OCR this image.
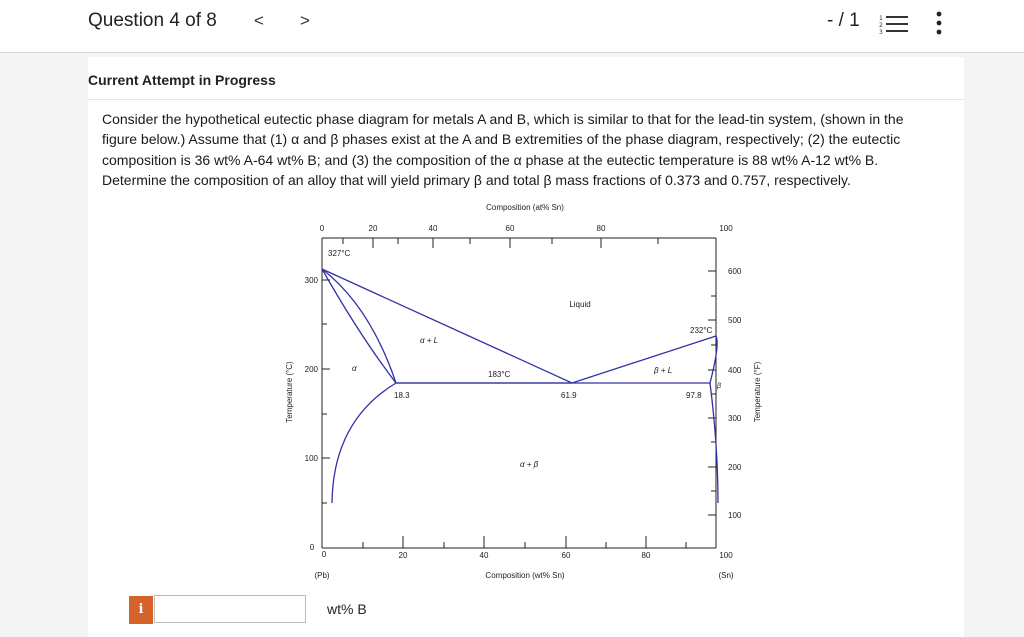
Question 4 of 8 < >	- / 1	1
2
3
Current Attempt in Progress
Consider the hypothetical eutectic phase diagram for metals A and B, which is similar to that for the lead-tin system, (shown in the figure below.) Assume that (1) α and β phases exist at the A and B extremities of the phase diagram, respectively; (2) the eutectic composition is 36 wt% A-64 wt% B; and (3) the composition of the α phase at the eutectic temperature is 88 wt% A-12 wt% B. Determine the composition of an alloy that will yield primary β and total β mass fractions of 0.373 and 0.757, respectively.
Composition (at% Sn)
0	20	40	60	80	100
0	20	40	60	80	100
0
(Pb)	Composition (wt% Sn)	(Sn)
300
200
100
Temperature (°C)
600
500
400
300
200
100
Temperature (°F)
327°C
232°C
183°C
18.3	61.9	97.8
Liquid
α + L
β + L
α
β
α + β
i	wt% B
